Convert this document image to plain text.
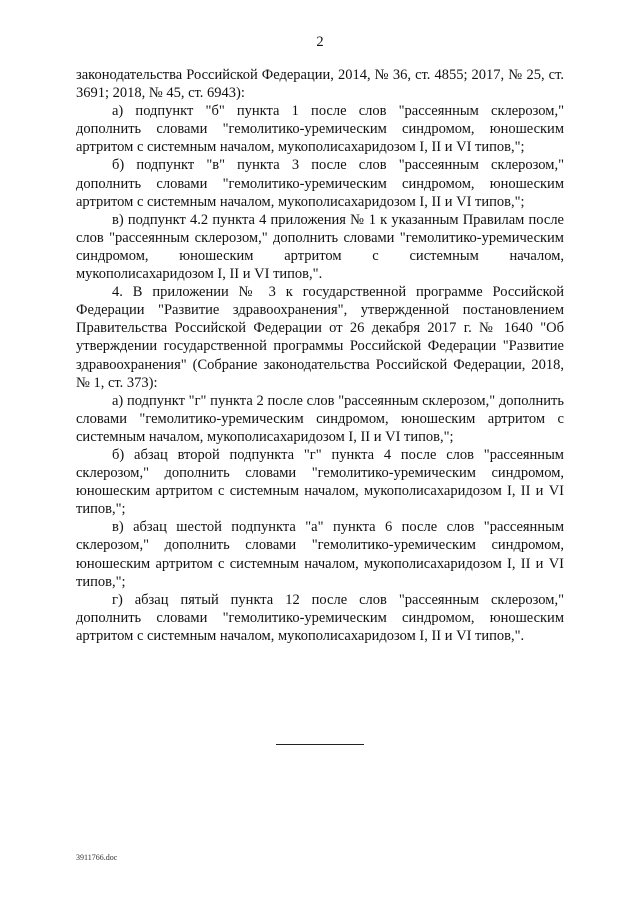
2

законодательства Российской Федерации, 2014, № 36, ст. 4855; 2017, № 25, ст. 3691; 2018, № 45, ст. 6943):

а) подпункт "б" пункта 1 после слов "рассеянным склерозом," дополнить словами "гемолитико-уремическим синдромом, юношеским артритом с системным началом, мукополисахаридозом I, II и VI типов,";

б) подпункт "в" пункта 3 после слов "рассеянным склерозом," дополнить словами "гемолитико-уремическим синдромом, юношеским артритом с системным началом, мукополисахаридозом I, II и VI типов,";

в) подпункт 4.2 пункта 4 приложения № 1 к указанным Правилам после слов "рассеянным склерозом," дополнить словами "гемолитико-уремическим синдромом, юношеским артритом с системным началом, мукополисахаридозом I, II и VI типов,".

4. В приложении № 3 к государственной программе Российской Федерации "Развитие здравоохранения", утвержденной постановлением Правительства Российской Федерации от 26 декабря 2017 г. № 1640 "Об утверждении государственной программы Российской Федерации "Развитие здравоохранения" (Собрание законодательства Российской Федерации, 2018, № 1, ст. 373):

а) подпункт "г" пункта 2 после слов "рассеянным склерозом," дополнить словами "гемолитико-уремическим синдромом, юношеским артритом с системным началом, мукополисахаридозом I, II и VI типов,";

б) абзац второй подпункта "г" пункта 4 после слов "рассеянным склерозом," дополнить словами "гемолитико-уремическим синдромом, юношеским артритом с системным началом, мукополисахаридозом I, II и VI типов,";

в) абзац шестой подпункта "а" пункта 6 после слов "рассеянным склерозом," дополнить словами "гемолитико-уремическим синдромом, юношеским артритом с системным началом, мукополисахаридозом I, II и VI типов,";

г) абзац пятый пункта 12 после слов "рассеянным склерозом," дополнить словами "гемолитико-уремическим синдромом, юношеским артритом с системным началом, мукополисахаридозом I, II и VI типов,".

3911766.doc
